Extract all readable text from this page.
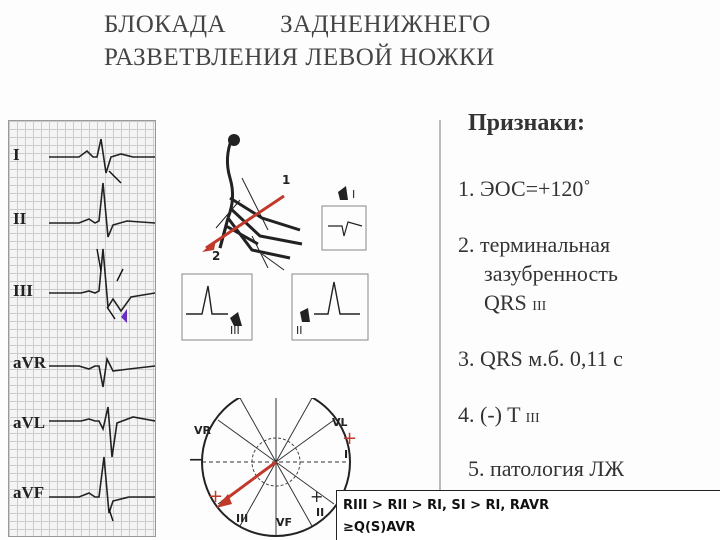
БЛОКАДА        ЗАДНЕНИЖНЕГО
РАЗВЕТВЛЕНИЯ ЛЕВОЙ НОЖКИ
I
II
III
aVR
aVL
aVF
1
2
I
II
III
VR
VL
I
III	VF
II
+
−
+	+
Признаки:
1. ЭОС=+120˚
2. терминальная
зазубренность
QRS III
3. QRS м.б. 0,11 с
4. (-) T III
5. патология ЛЖ
RIII > RII > RI, SI > RI, RAVR
≥Q(S)AVR
